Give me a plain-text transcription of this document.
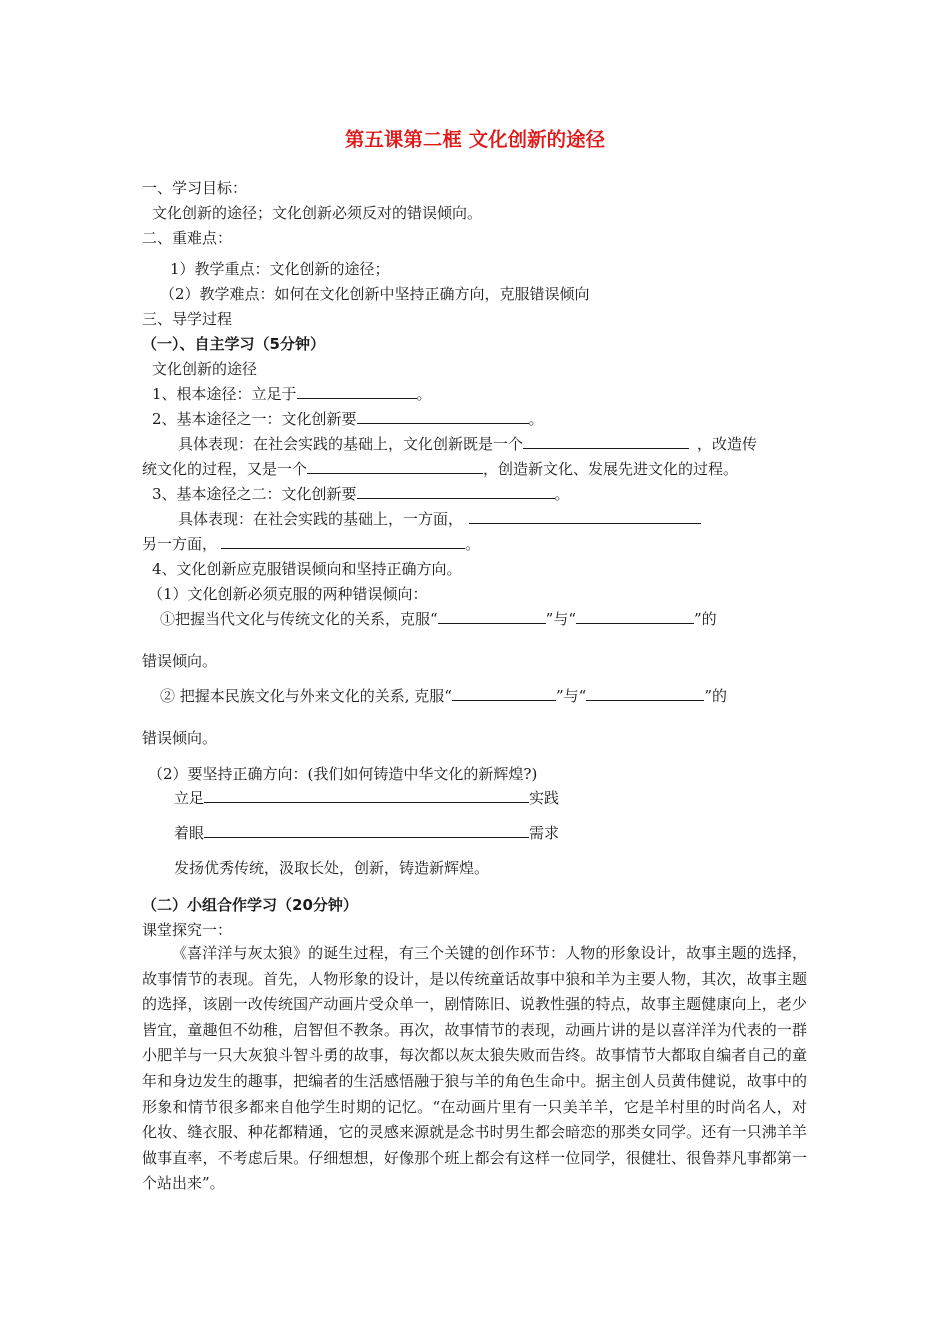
第五课第二框 文化创新的途径

一、学习目标：

文化创新的途径；文化创新必须反对的错误倾向。

二、重难点：

1）教学重点：文化创新的途径；

（2）教学难点：如何在文化创新中坚持正确方向，克服错误倾向

三、导学过程

（一）、自主学习（5分钟）

文化创新的途径

1、根本途径：立足于	。

2、基本途径之一：文化创新要	。

具体表现：在社会实践的基础上，文化创新既是一个	，改造传

统文化的过程，又是一个	，创造新文化、发展先进文化的过程。

3、基本途径之二：文化创新要	。

具体表现：在社会实践的基础上，一方面，

另一方面，	。

4、文化创新应克服错误倾向和坚持正确方向。

（1）文化创新必须克服的两种错误倾向：

①把握当代文化与传统文化的关系，克服“	”与“	”的

错误倾向。

② 把握本民族文化与外来文化的关系, 克服“	”与“	”的

错误倾向。

（2）要坚持正确方向：(我们如何铸造中华文化的新辉煌?)

立足	实践

着眼	需求

发扬优秀传统，汲取长处，创新，铸造新辉煌。

（二）小组合作学习（20分钟）

课堂探究一：

《喜洋洋与灰太狼》的诞生过程，有三个关键的创作环节：人物的形象设计，故事主题的选择，故事情节的表现。首先，人物形象的设计，是以传统童话故事中狼和羊为主要人物，其次，故事主题的选择，该剧一改传统国产动画片受众单一，剧情陈旧、说教性强的特点，故事主题健康向上，老少皆宜，童趣但不幼稚，启智但不教条。再次，故事情节的表现，动画片讲的是以喜洋洋为代表的一群小肥羊与一只大灰狼斗智斗勇的故事，每次都以灰太狼失败而告终。故事情节大都取自编者自己的童年和身边发生的趣事，把编者的生活感悟融于狼与羊的角色生命中。据主创人员黄伟健说，故事中的形象和情节很多都来自他学生时期的记忆。“在动画片里有一只美羊羊，它是羊村里的时尚名人，对化妆、缝衣服、种花都精通，它的灵感来源就是念书时男生都会暗恋的那类女同学。还有一只沸羊羊做事直率，不考虑后果。仔细想想，好像那个班上都会有这样一位同学，很健壮、很鲁莽凡事都第一个站出来”。
